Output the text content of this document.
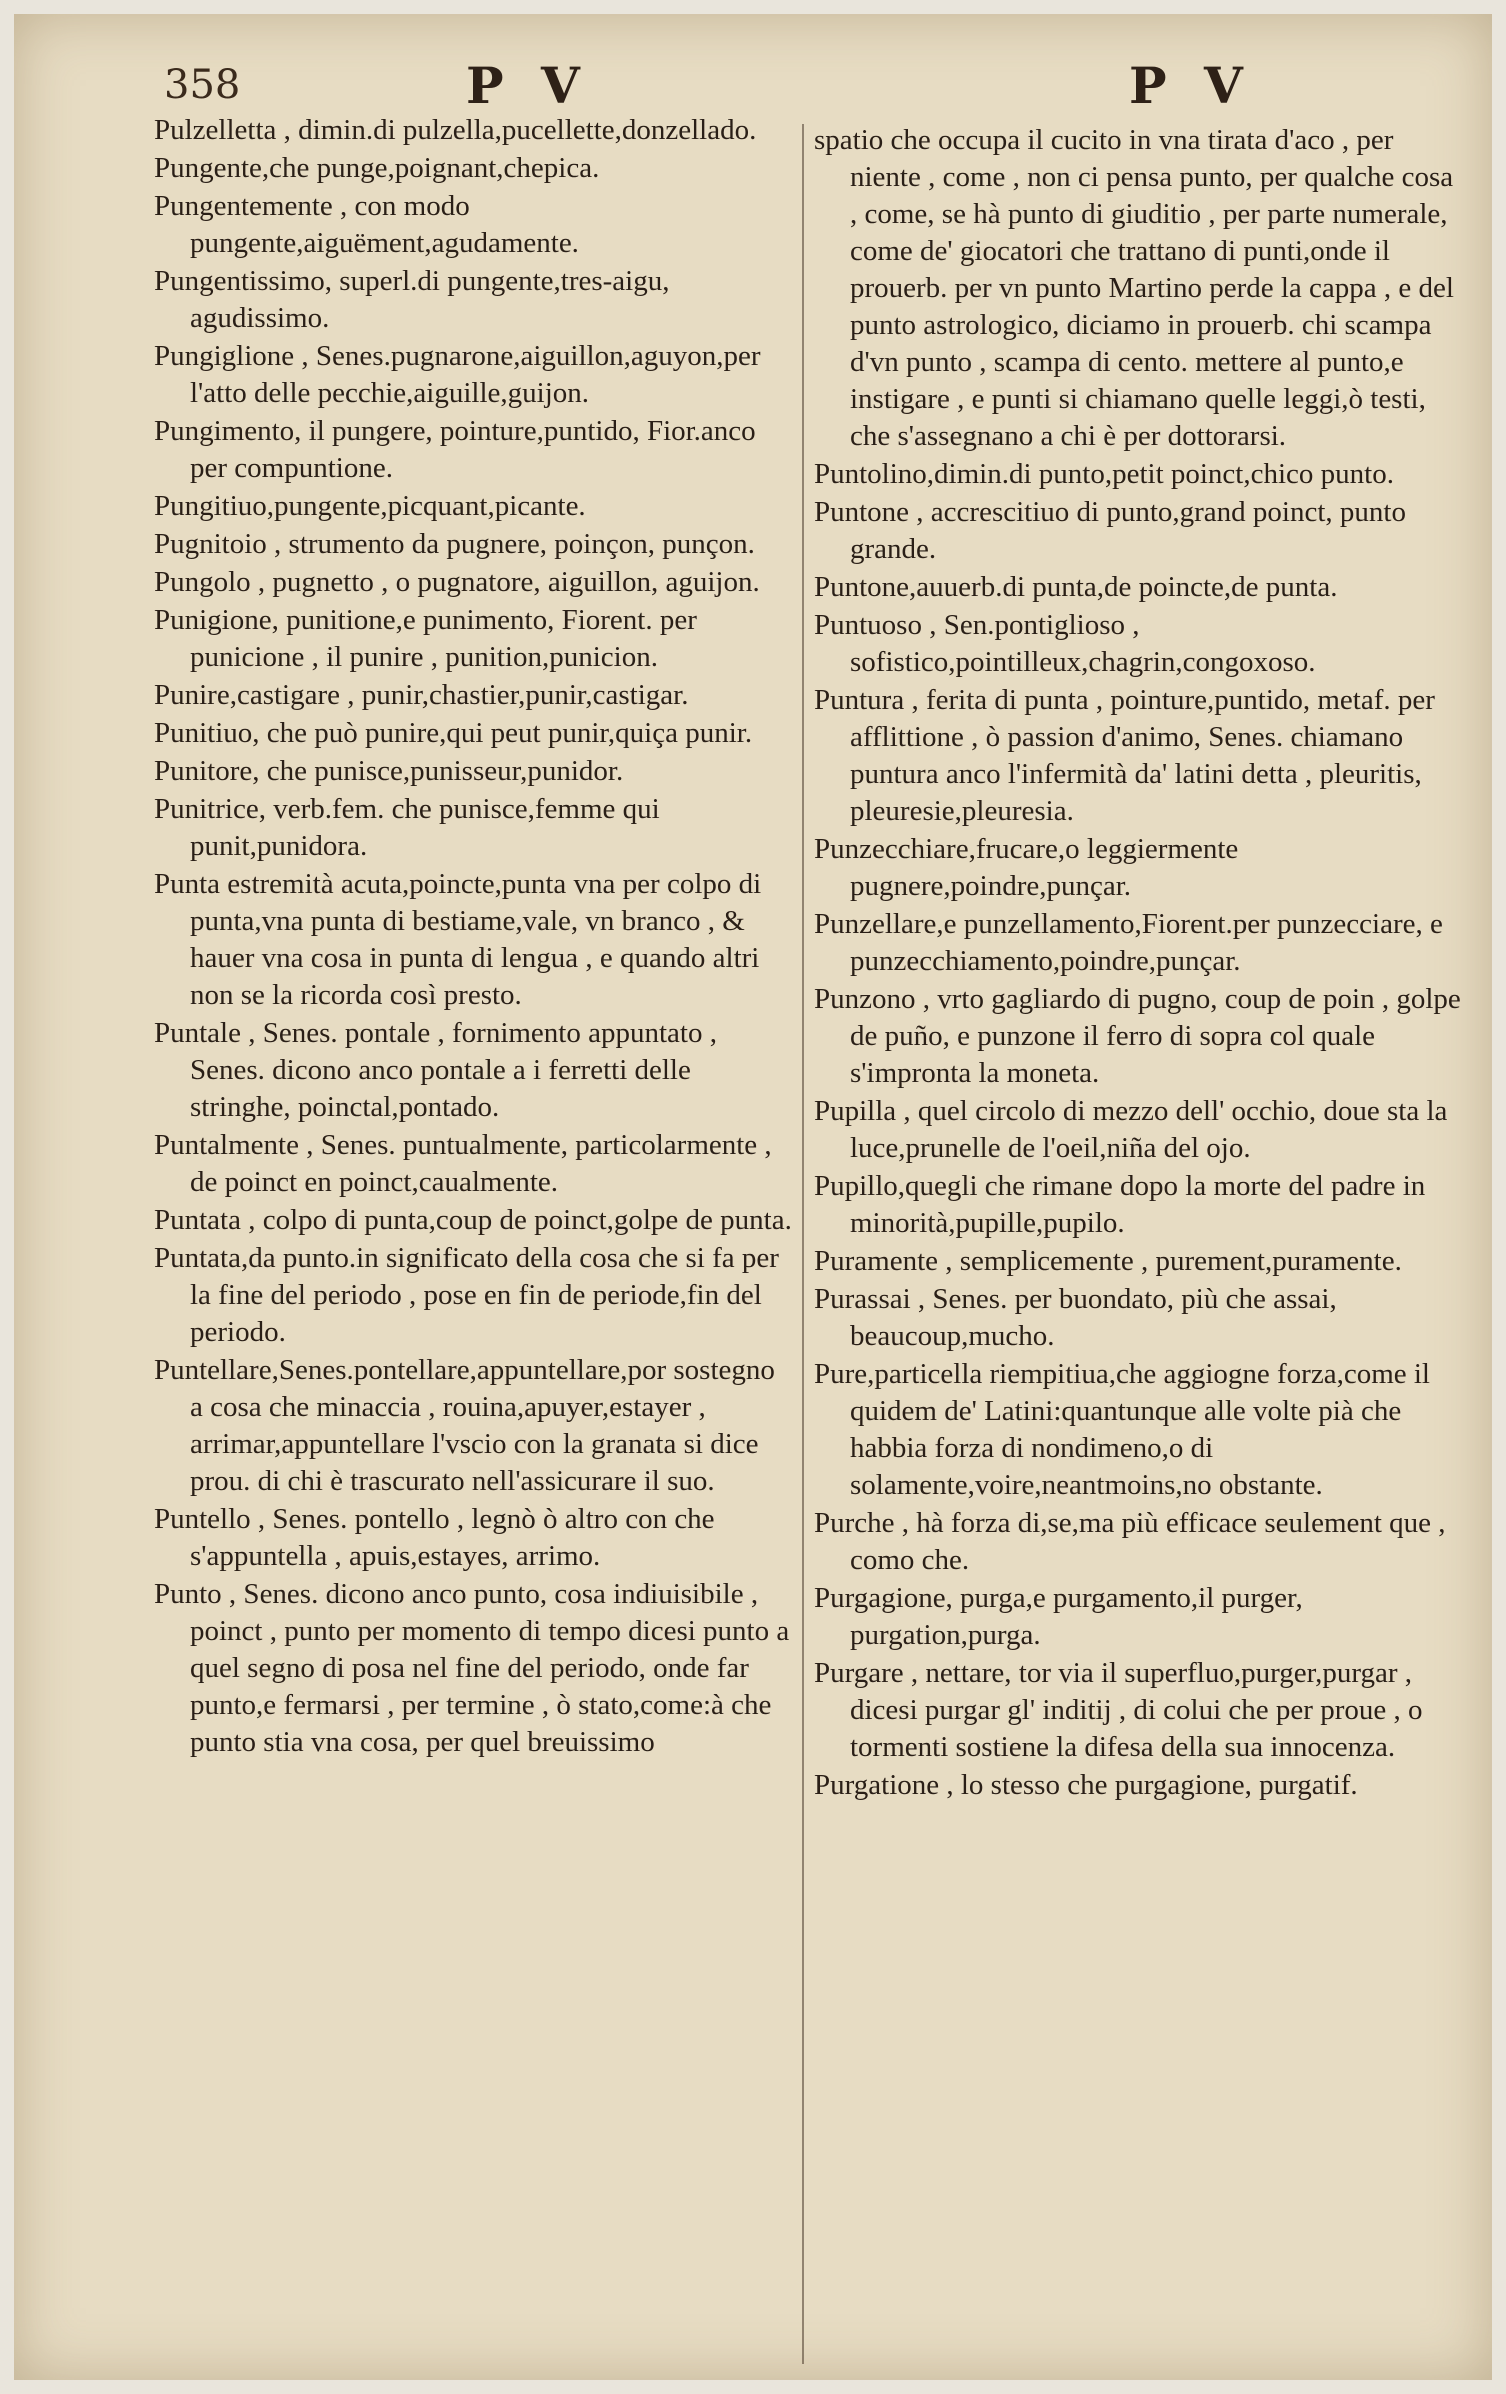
358	P V	P V

Pulzelletta , dimin.di pulzella,pucellette,donzellado.

Pungente,che punge,poignant,chepica.

Pungentemente , con modo pungente,aiguëment,agudamente.

Pungentissimo, superl.di pungente,tres-aigu, agudissimo.

Pungiglione , Senes.pugnarone,aiguillon,aguyon,per l'atto delle pecchie,aiguille,guijon.

Pungimento, il pungere, pointure,puntido, Fior.anco per compuntione.

Pungitiuo,pungente,picquant,picante.

Pugnitoio , strumento da pugnere, poinçon, punçon.

Pungolo , pugnetto , o pugnatore, aiguillon, aguijon.

Punigione, punitione,e punimento, Fiorent. per punicione , il punire , punition,punicion.

Punire,castigare , punir,chastier,punir,castigar.

Punitiuo, che può punire,qui peut punir,quiça punir.

Punitore, che punisce,punisseur,punidor.

Punitrice, verb.fem. che punisce,femme qui punit,punidora.

Punta estremità acuta,poincte,punta vna per colpo di punta,vna punta di bestiame,vale, vn branco , & hauer vna cosa in punta di lengua , e quando altri non se la ricorda così presto.

Puntale , Senes. pontale , fornimento appuntato , Senes. dicono anco pontale a i ferretti delle stringhe, poinctal,pontado.

Puntalmente , Senes. puntualmente, particolarmente , de poinct en poinct,caualmente.

Puntata , colpo di punta,coup de poinct,golpe de punta.

Puntata,da punto.in significato della cosa che si fa per la fine del periodo , pose en fin de periode,fin del periodo.

Puntellare,Senes.pontellare,appuntellare,por sostegno a cosa che minaccia , rouina,apuyer,estayer , arrimar,appuntellare l'vscio con la granata si dice prou. di chi è trascurato nell'assicurare il suo.

Puntello , Senes. pontello , legnò ò altro con che s'appuntella , apuis,estayes, arrimo.

Punto , Senes. dicono anco punto, cosa indiuisibile , poinct , punto per momento di tempo dicesi punto a quel segno di posa nel fine del periodo, onde far punto,e fermarsi , per termine , ò stato,come:à che punto stia vna cosa, per quel breuissimo

spatio che occupa il cucito in vna tirata d'aco , per niente , come , non ci pensa punto, per qualche cosa , come, se hà punto di giuditio , per parte numerale, come de' giocatori che trattano di punti,onde il prouerb. per vn punto Martino perde la cappa , e del punto astrologico, diciamo in prouerb. chi scampa d'vn punto , scampa di cento. mettere al punto,e instigare , e punti si chiamano quelle leggi,ò testi, che s'assegnano a chi è per dottorarsi.

Puntolino,dimin.di punto,petit poinct,chico punto.

Puntone , accrescitiuo di punto,grand poinct, punto grande.

Puntone,auuerb.di punta,de poincte,de punta.

Puntuoso , Sen.pontiglioso , sofistico,pointilleux,chagrin,congoxoso.

Puntura , ferita di punta , pointure,puntido, metaf. per afflittione , ò passion d'animo, Senes. chiamano puntura anco l'infermità da' latini detta , pleuritis, pleuresie,pleuresia.

Punzecchiare,frucare,o leggiermente pugnere,poindre,punçar.

Punzellare,e punzellamento,Fiorent.per punzecciare, e punzecchiamento,poindre,punçar.

Punzono , vrto gagliardo di pugno, coup de poin , golpe de puño, e punzone il ferro di sopra col quale s'impronta la moneta.

Pupilla , quel circolo di mezzo dell' occhio, doue sta la luce,prunelle de l'oeil,niña del ojo.

Pupillo,quegli che rimane dopo la morte del padre in minorità,pupille,pupilo.

Puramente , semplicemente , purement,puramente.

Purassai , Senes. per buondato, più che assai, beaucoup,mucho.

Pure,particella riempitiua,che aggiogne forza,come il quidem de' Latini:quantunque alle volte pià che habbia forza di nondimeno,o di solamente,voire,neantmoins,no obstante.

Purche , hà forza di,se,ma più efficace seulement que , como che.

Purgagione, purga,e purgamento,il purger, purgation,purga.

Purgare , nettare, tor via il superfluo,purger,purgar , dicesi purgar gl' inditij , di colui che per proue , o tormenti sostiene la difesa della sua innocenza.

Purgatione , lo stesso che purgagione, purgatif.
